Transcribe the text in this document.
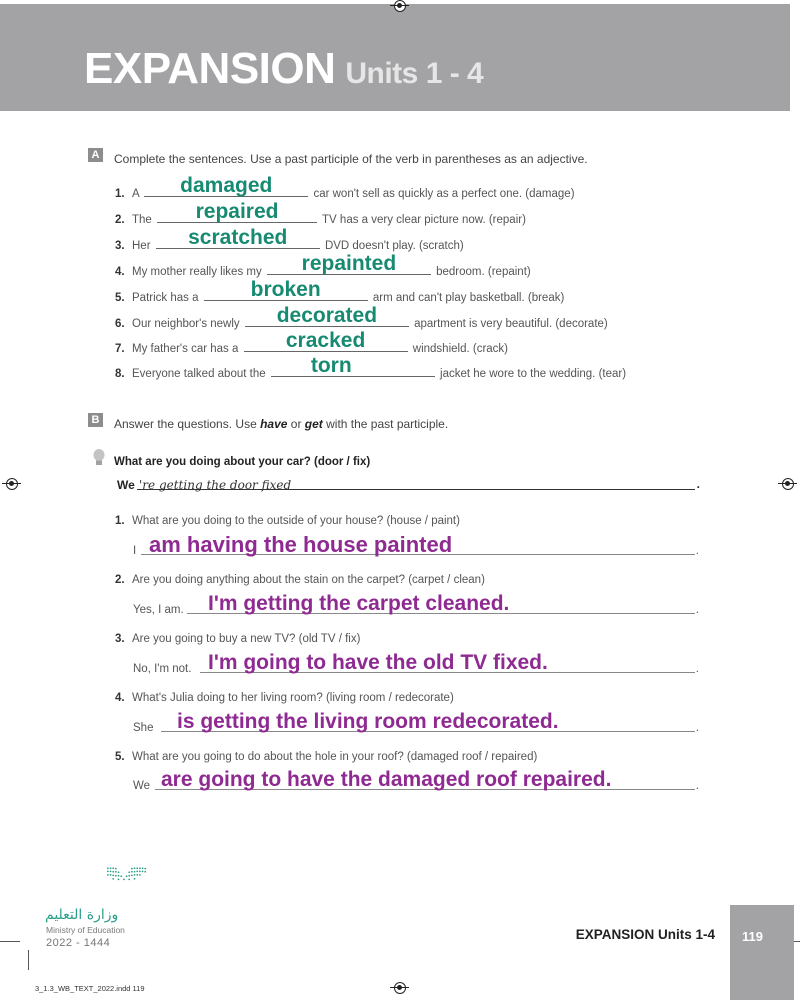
EXPANSION Units 1 - 4
A Complete the sentences. Use a past participle of the verb in parentheses as an adjective.
1. A	damaged	car won't sell as quickly as a perfect one. (damage)
2. The	repaired	TV has a very clear picture now. (repair)
3. Her	scratched	DVD doesn't play. (scratch)
4. My mother really likes my	repainted	bedroom. (repaint)
5. Patrick has a	broken	arm and can't play basketball. (break)
6. Our neighbor's newly	decorated	apartment is very beautiful. (decorate)
7. My father's car has a	cracked	windshield. (crack)
8. Everyone talked about the torn	jacket he wore to the wedding. (tear)
B Answer the questions. Use have or get with the past participle.
What are you doing about your car? (door / fix)
We 're getting the door fixed	.
1. What are you doing to the outside of your house? (house / paint)
I am having the house painted	.
2. Are you doing anything about the stain on the carpet? (carpet / clean)
Yes, I am. I'm getting the carpet cleaned.	.
3. Are you going to buy a new TV? (old TV / fix)
No, I'm not. I'm going to have the old TV fixed.	.
4. What's Julia doing to her living room? (living room / redecorate)
She is getting the living room redecorated.	.
5. What are you going to do about the hole in your roof? (damaged roof / repaired)
We are going to have the damaged roof repaired.	.
وزارة التعليم
Ministry of Education
2022 - 1444
EXPANSION Units 1-4 119
3_1.3_WB_TEXT_2022.indd 119
